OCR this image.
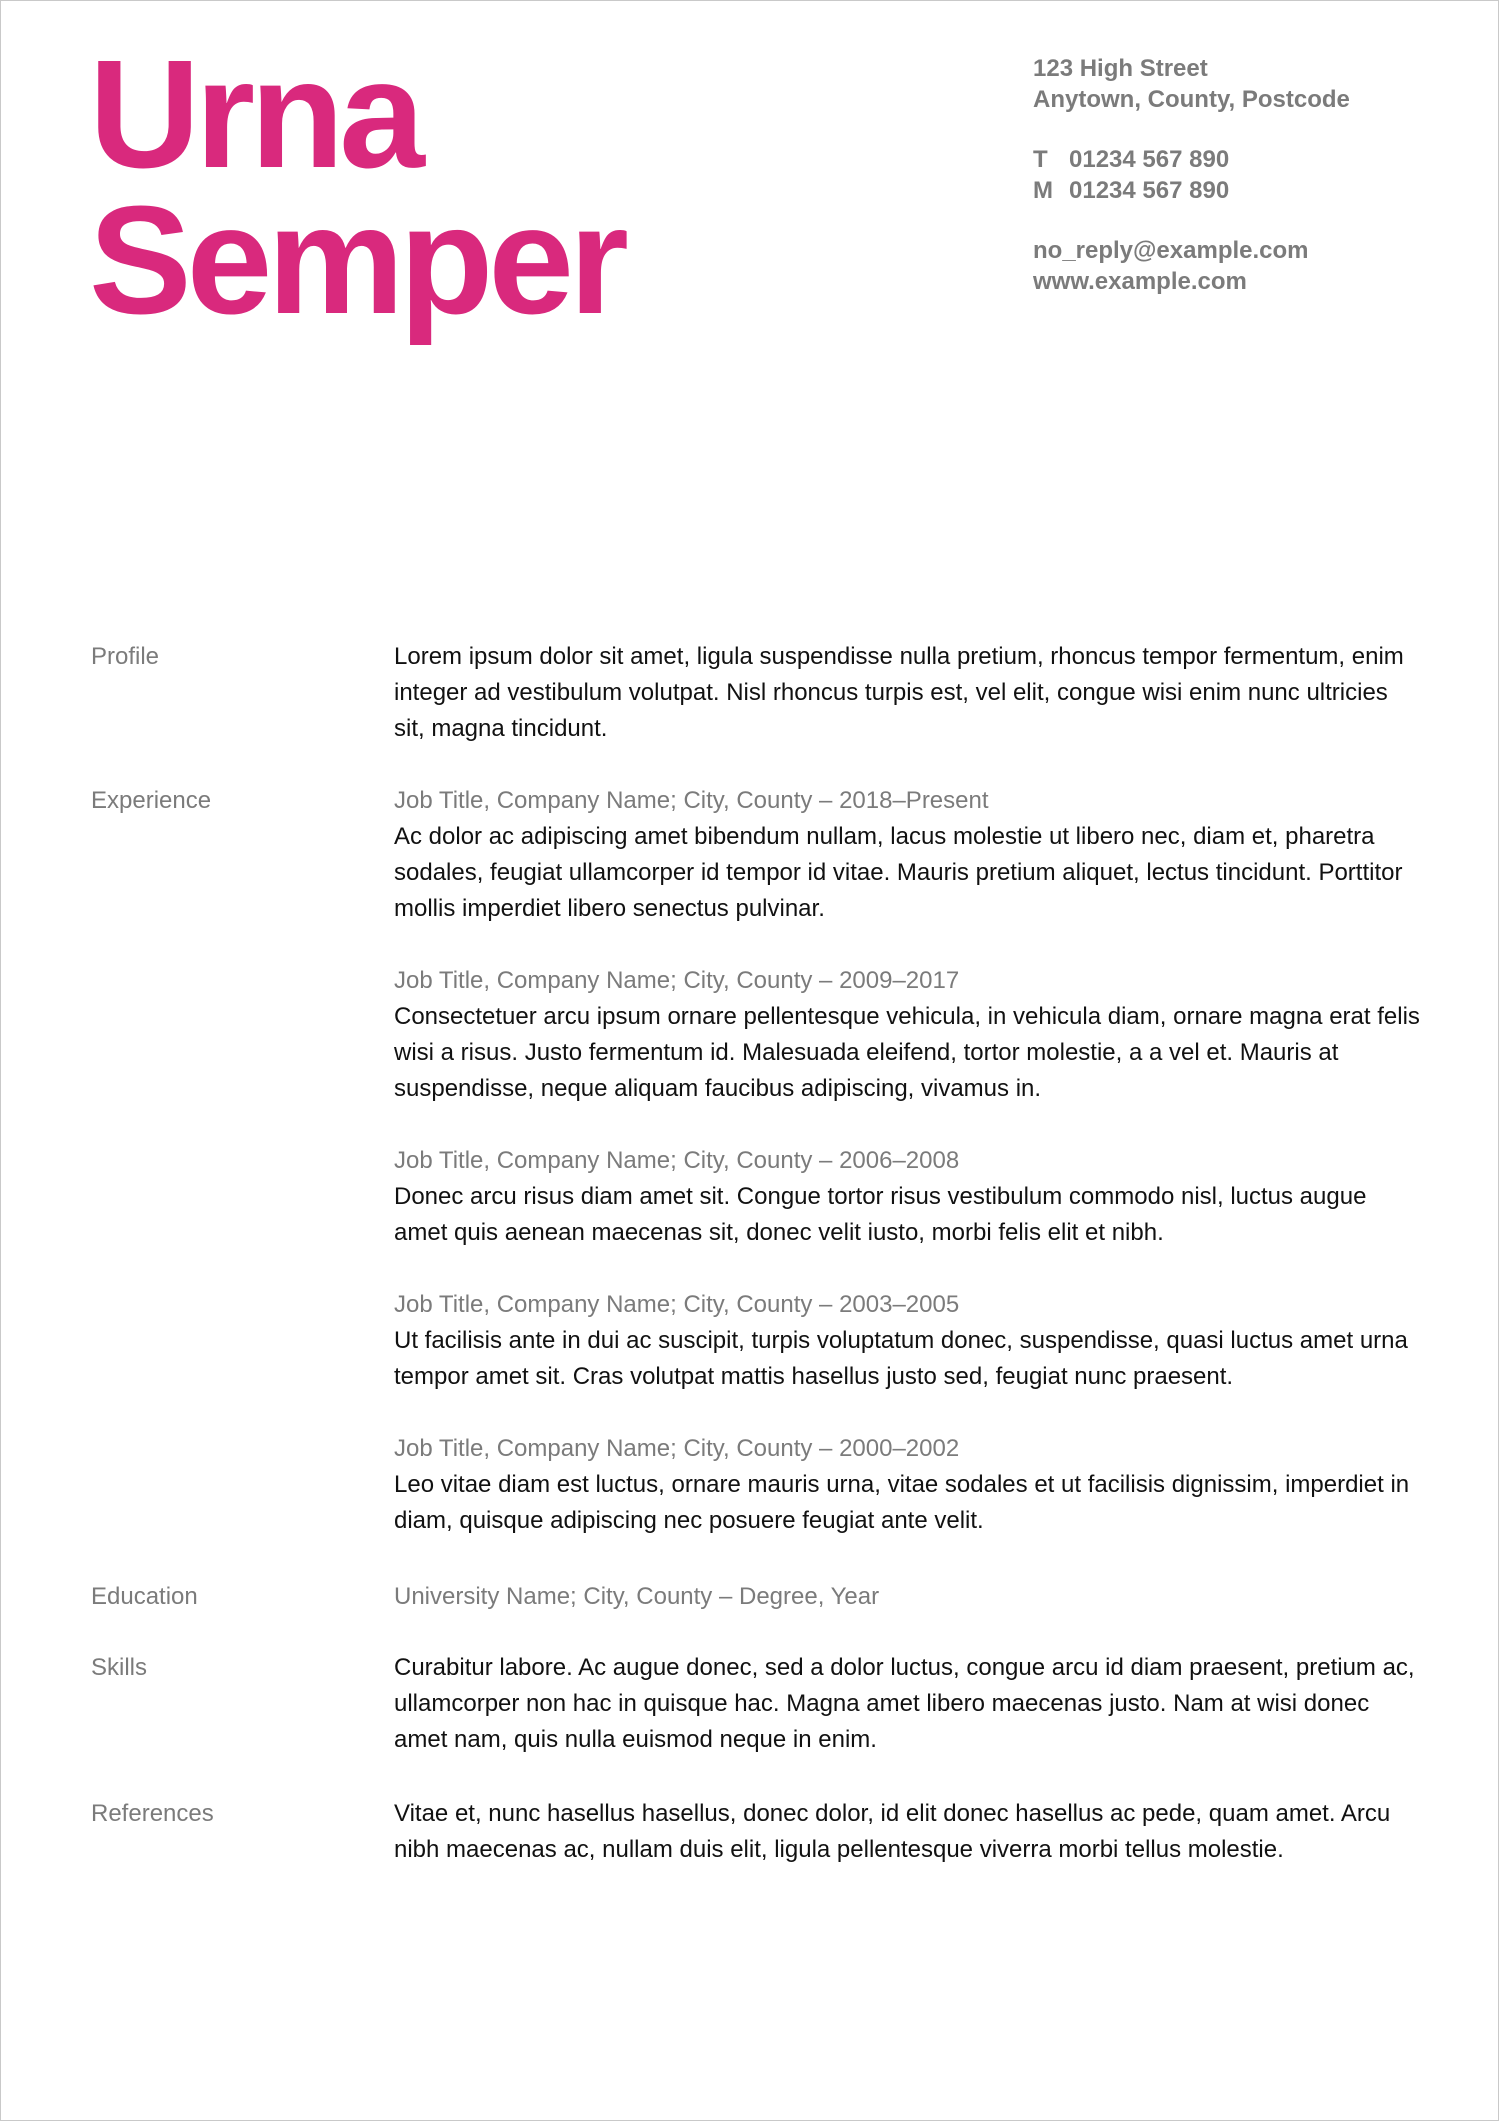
Urna
Semper
123 High Street
Anytown, County, Postcode
T 01234 567 890
M 01234 567 890
no_reply@example.com
www.example.com
Profile	Lorem ipsum dolor sit amet, ligula suspendisse nulla pretium, rhoncus tempor fermentum, enim integer ad vestibulum volutpat. Nisl rhoncus turpis est, vel elit, congue wisi enim nunc ultricies sit, magna tincidunt.

Experience	Job Title, Company Name; City, County – 2018–Present

Ac dolor ac adipiscing amet bibendum nullam, lacus molestie ut libero nec, diam et, pharetra sodales, feugiat ullamcorper id tempor id vitae. Mauris pretium aliquet, lectus tincidunt. Porttitor mollis imperdiet libero senectus pulvinar.

Job Title, Company Name; City, County – 2009–2017

Consectetuer arcu ipsum ornare pellentesque vehicula, in vehicula diam, ornare magna erat felis wisi a risus. Justo fermentum id. Malesuada eleifend, tortor molestie, a a vel et. Mauris at suspendisse, neque aliquam faucibus adipiscing, vivamus in.

Job Title, Company Name; City, County – 2006–2008

Donec arcu risus diam amet sit. Congue tortor risus vestibulum commodo nisl, luctus augue amet quis aenean maecenas sit, donec velit iusto, morbi felis elit et nibh.

Job Title, Company Name; City, County – 2003–2005

Ut facilisis ante in dui ac suscipit, turpis voluptatum donec, suspendisse, quasi luctus amet urna tempor amet sit. Cras volutpat mattis hasellus justo sed, feugiat nunc praesent.

Job Title, Company Name; City, County – 2000–2002

Leo vitae diam est luctus, ornare mauris urna, vitae sodales et ut facilisis dignissim, imperdiet in diam, quisque adipiscing nec posuere feugiat ante velit.

Education	University Name; City, County – Degree, Year

Skills	Curabitur labore. Ac augue donec, sed a dolor luctus, congue arcu id diam praesent, pretium ac, ullamcorper non hac in quisque hac. Magna amet libero maecenas justo. Nam at wisi donec amet nam, quis nulla euismod neque in enim.

References	Vitae et, nunc hasellus hasellus, donec dolor, id elit donec hasellus ac pede, quam amet. Arcu nibh maecenas ac, nullam duis elit, ligula pellentesque viverra morbi tellus molestie.
